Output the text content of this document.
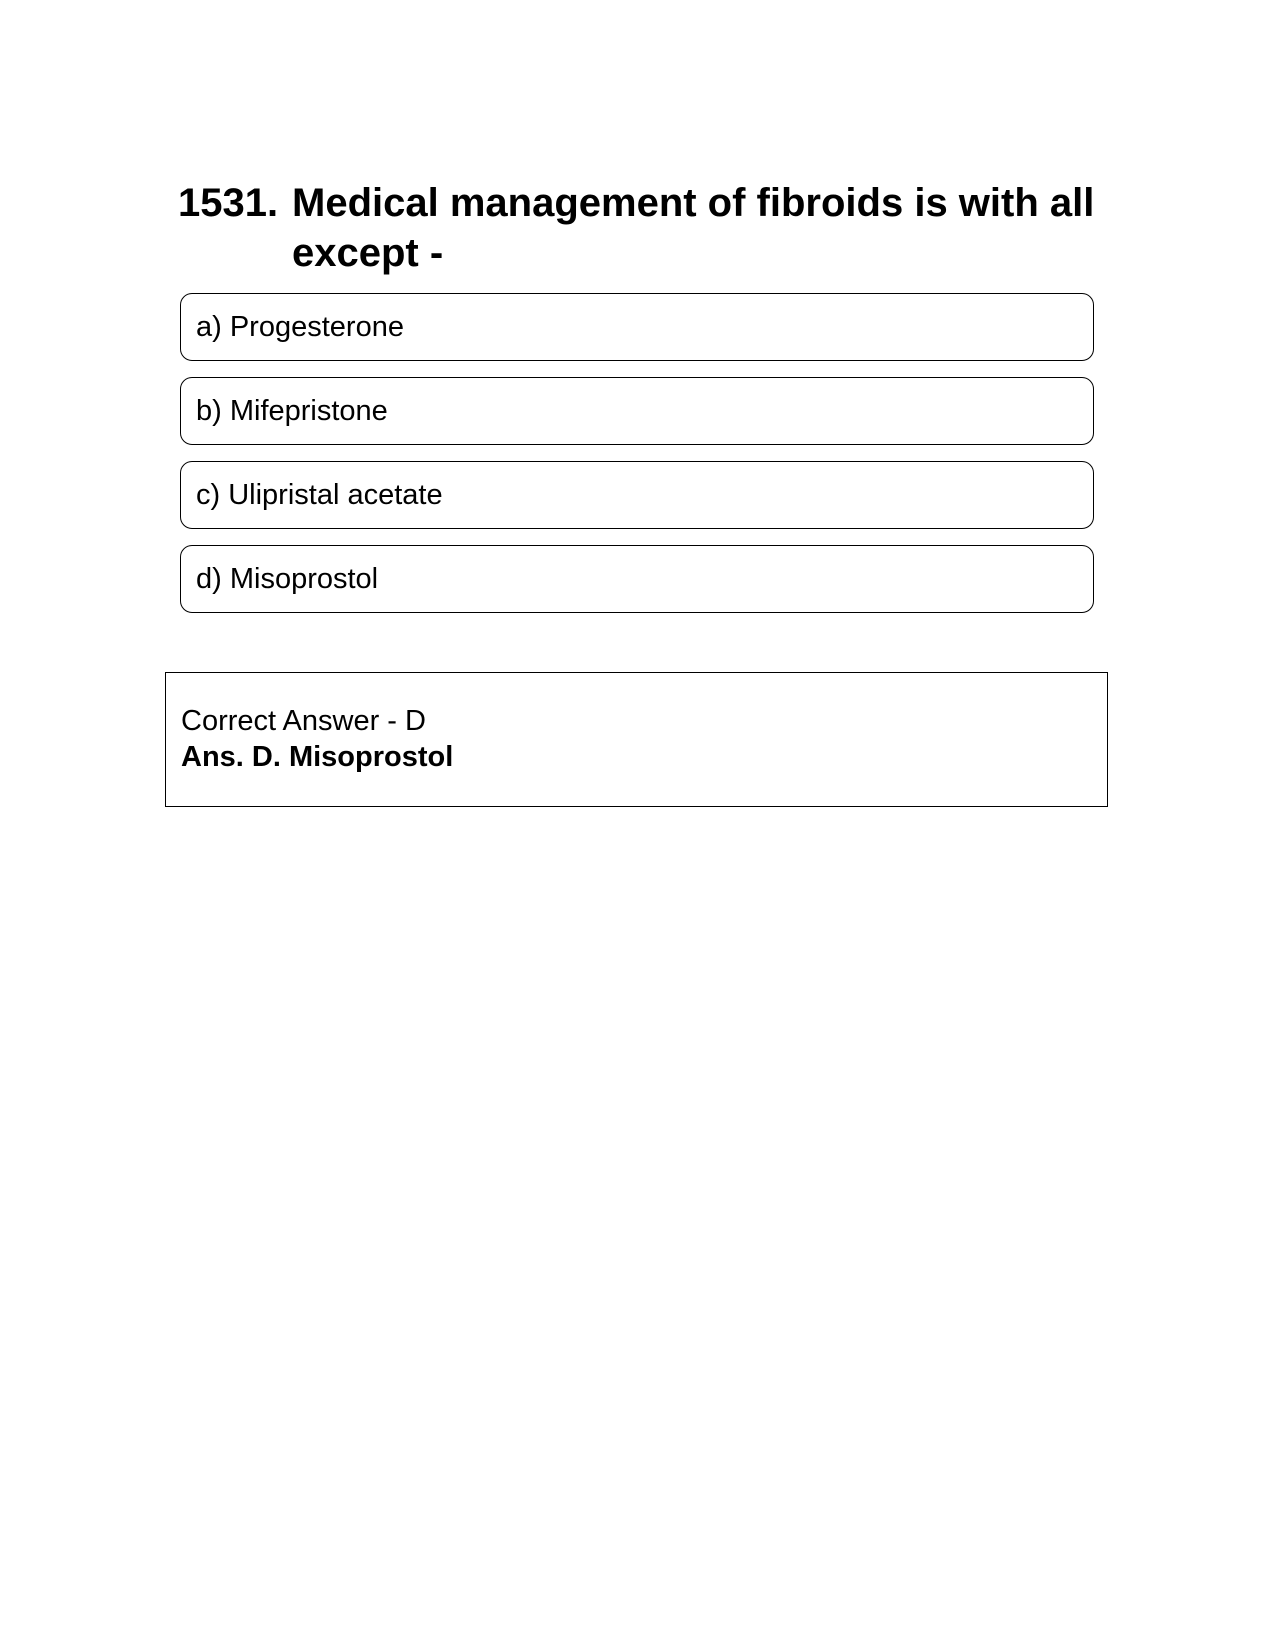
1531. Medical management of fibroids is with all except -
a) Progesterone
b) Mifepristone
c) Ulipristal acetate
d) Misoprostol
Correct Answer - D
Ans. D. Misoprostol
